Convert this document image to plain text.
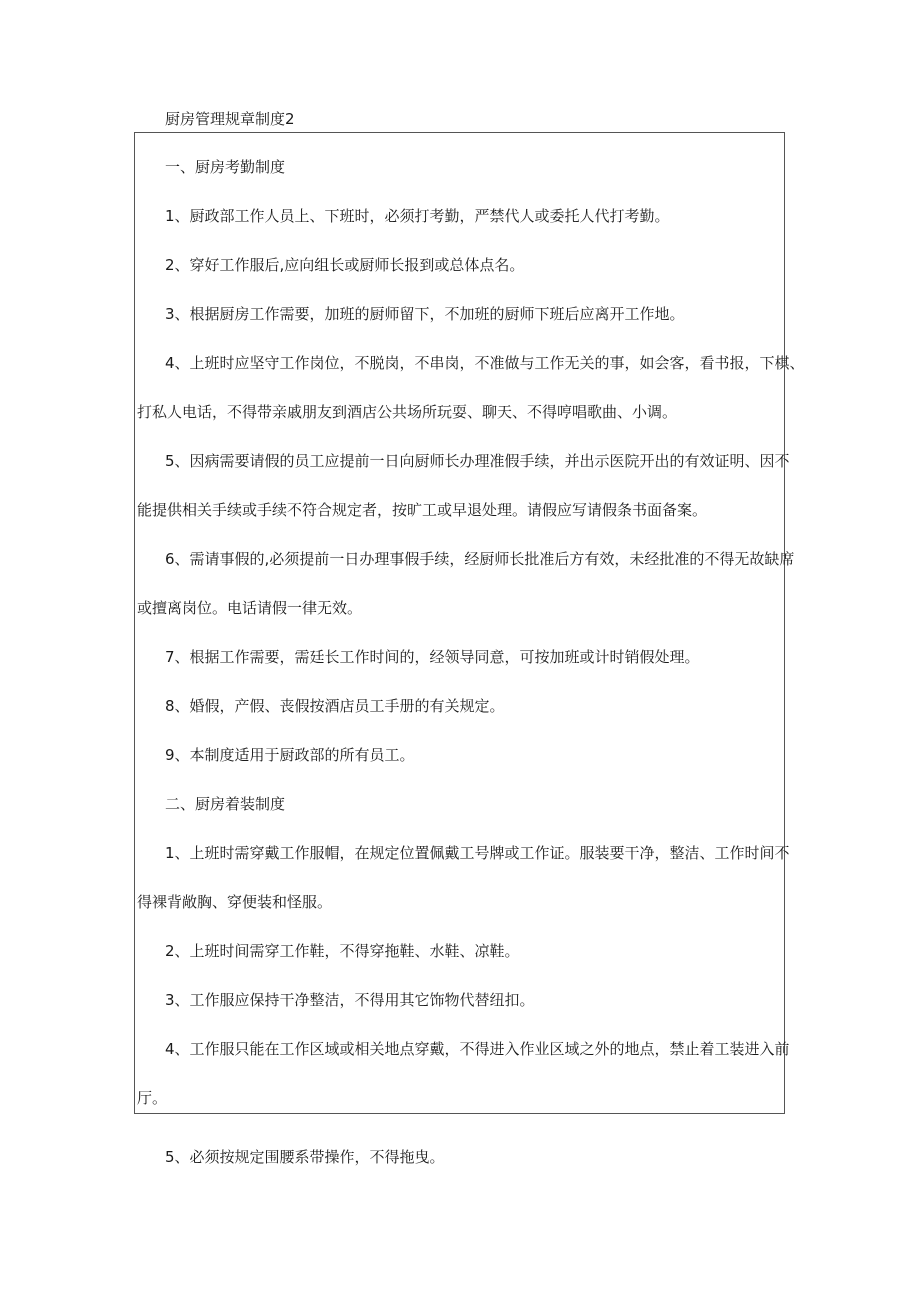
厨房管理规章制度2
一、厨房考勤制度
1、厨政部工作人员上、下班时，必须打考勤，严禁代人或委托人代打考勤。
2、穿好工作服后,应向组长或厨师长报到或总体点名。
3、根据厨房工作需要，加班的厨师留下，不加班的厨师下班后应离开工作地。
4、上班时应坚守工作岗位，不脱岗，不串岗，不准做与工作无关的事，如会客，看书报，下棋、
打私人电话，不得带亲戚朋友到酒店公共场所玩耍、聊天、不得哼唱歌曲、小调。
5、因病需要请假的员工应提前一日向厨师长办理准假手续，并出示医院开出的有效证明、因不
能提供相关手续或手续不符合规定者，按旷工或早退处理。请假应写请假条书面备案。
6、需请事假的,必须提前一日办理事假手续，经厨师长批准后方有效，未经批准的不得无故缺席
或擅离岗位。电话请假一律无效。
7、根据工作需要，需廷长工作时间的，经领导同意，可按加班或计时销假处理。
8、婚假，产假、丧假按酒店员工手册的有关规定。
9、本制度适用于厨政部的所有员工。
二、厨房着装制度
1、上班时需穿戴工作服帽，在规定位置佩戴工号牌或工作证。服装要干净，整洁、工作时间不
得裸背敞胸、穿便装和怪服。
2、上班时间需穿工作鞋，不得穿拖鞋、水鞋、凉鞋。
3、工作服应保持干净整洁，不得用其它饰物代替纽扣。
4、工作服只能在工作区域或相关地点穿戴，不得进入作业区域之外的地点，禁止着工装进入前
厅。
5、必须按规定围腰系带操作，不得拖曳。
